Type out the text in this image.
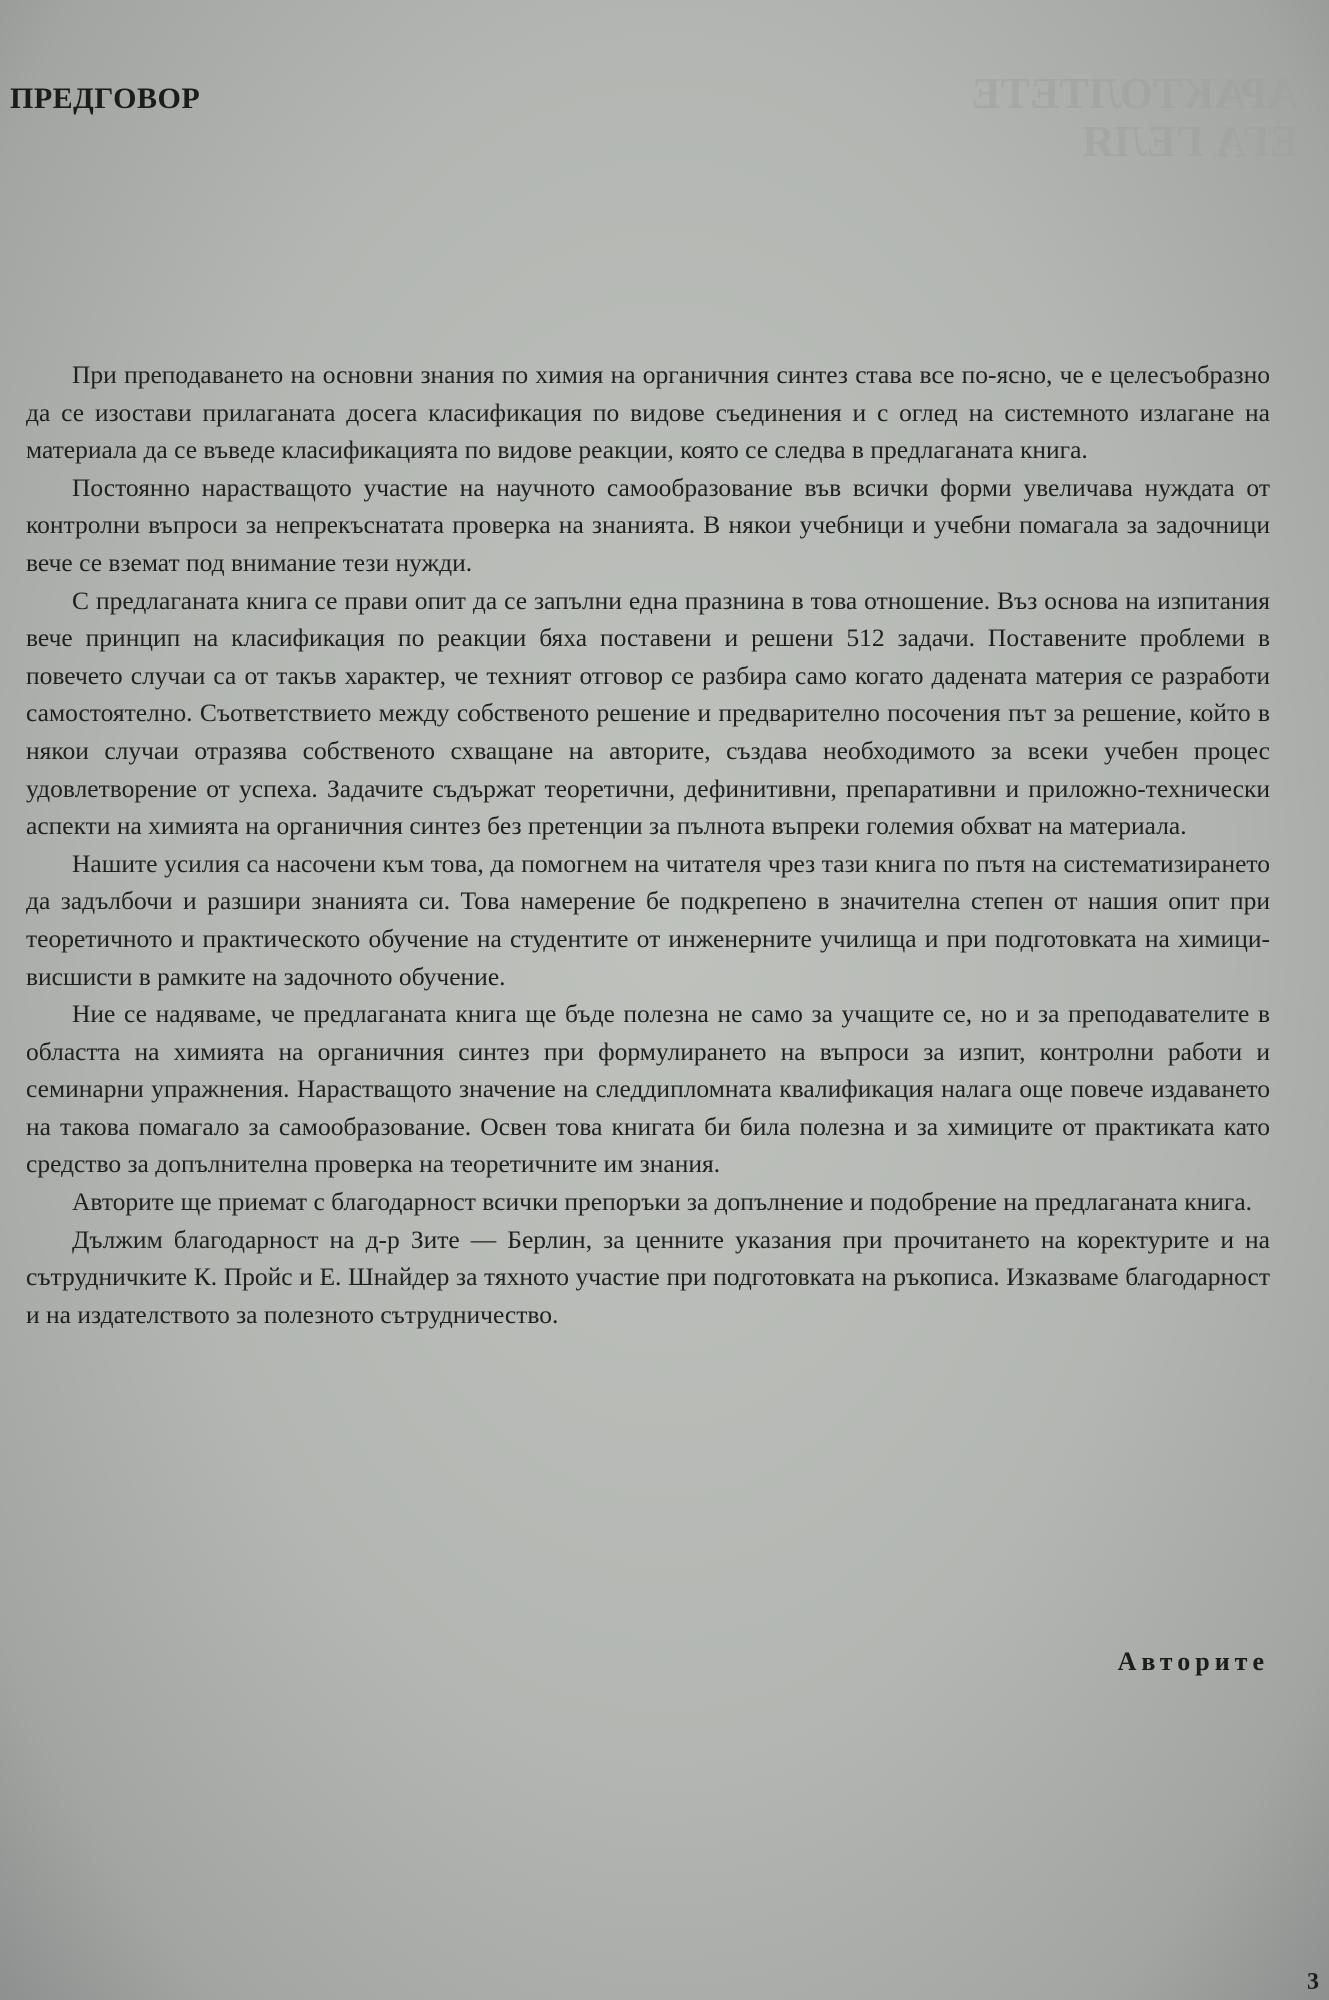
АРАКТОЛТЕТЕ
ЕГА ГЕЛЯ
ПРЕДГОВОР

При преподаването на основни знания по химия на органичния синтез става все по-ясно, че е целесъобразно да се изостави прилаганата досега класификация по видове съединения и с оглед на системното излагане на материала да се въведе класификацията по видове реакции, която се следва в предлаганата книга.

Постоянно нарастващото участие на научното самообразование във всички форми увеличава нуждата от контролни въпроси за непрекъснатата проверка на знанията. В някои учебници и учебни помагала за задочници вече се вземат под внимание тези нужди.

С предлаганата книга се прави опит да се запълни една празнина в това отношение. Въз основа на изпитания вече принцип на класификация по реакции бяха поставени и решени 512 задачи. Поставените проблеми в повечето случаи са от такъв характер, че техният отговор се разбира само когато дадената материя се разработи самостоятелно. Съответствието между собственото решение и предварително посочения път за решение, който в някои случаи отразява собственото схващане на авторите, създава необходимото за всеки учебен процес удовлетворение от успеха. Задачите съдържат теоретични, дефинитивни, препаративни и приложно-технически аспекти на химията на органичния синтез без претенции за пълнота въпреки големия обхват на материала.

Нашите усилия са насочени към това, да помогнем на читателя чрез тази книга по пътя на систематизирането да задълбочи и разшири знанията си. Това намерение бе подкрепено в значителна степен от нашия опит при теоретичното и практическото обучение на студентите от инженерните училища и при подготовката на химици-висшисти в рамките на задочното обучение.

Ние се надяваме, че предлаганата книга ще бъде полезна не само за учащите се, но и за преподавателите в областта на химията на органичния синтез при формулирането на въпроси за изпит, контролни работи и семинарни упражнения. Нарастващото значение на следдипломната квалификация налага още повече издаването на такова помагало за самообразование. Освен това книгата би била полезна и за химиците от практиката като средство за допълнителна проверка на теоретичните им знания.

Авторите ще приемат с благодарност всички препоръки за допълнение и подобрение на предлаганата книга.

Дължим благодарност на д-р Зите — Берлин, за ценните указания при прочитането на коректурите и на сътрудничките К. Пройс и Е. Шнайдер за тяхното участие при подготовката на ръкописа. Изказваме благодарност и на издателството за полезното сътрудничество.

Авторите

3
